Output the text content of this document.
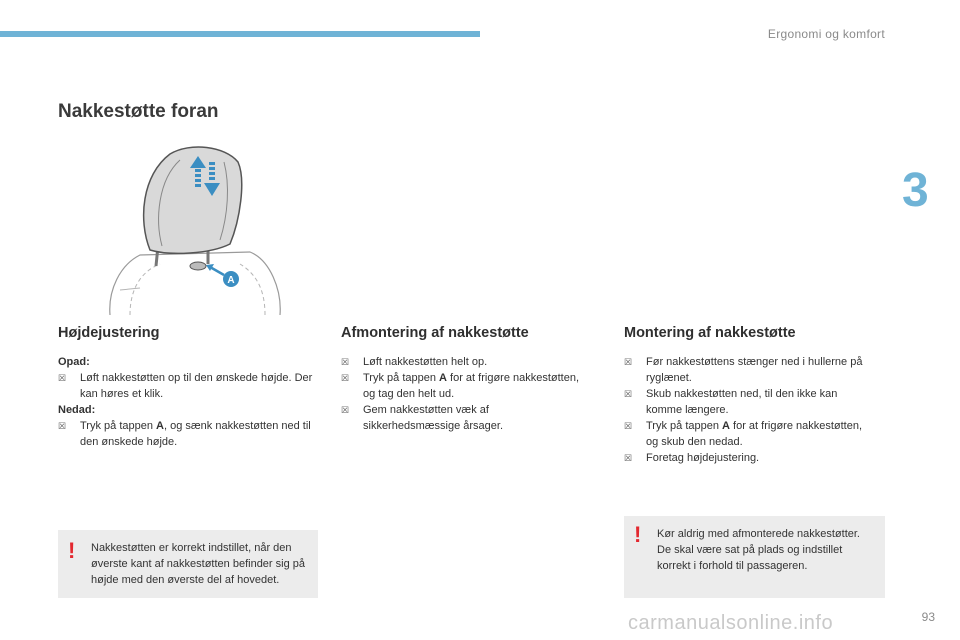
Ergonomi og komfort
3
Nakkestøtte foran
A
Højdejustering

Opad:

☒ Løft nakkestøtten op til den ønskede højde. Der kan høres et klik.

Nedad:

☒ Tryk på tappen A, og sænk nakkestøtten ned til den ønskede højde.
Afmontering af nakkestøtte
☒ Løft nakkestøtten helt op.
☒ Tryk på tappen A for at frigøre nakkestøtten, og tag den helt ud.
☒ Gem nakkestøtten væk af sikkerhedsmæssige årsager.
Montering af nakkestøtte
☒ Før nakkestøttens stænger ned i hullerne på ryglænet.
☒ Skub nakkestøtten ned, til den ikke kan komme længere.
☒ Tryk på tappen A for at frigøre nakkestøtten, og skub den nedad.
☒ Foretag højdejustering.
! Nakkestøtten er korrekt indstillet, når den øverste kant af nakkestøtten befinder sig på højde med den øverste del af hovedet.
! Kør aldrig med afmonterede nakkestøtter. De skal være sat på plads og indstillet korrekt i forhold til passageren.
carmanualsonline.info	93
